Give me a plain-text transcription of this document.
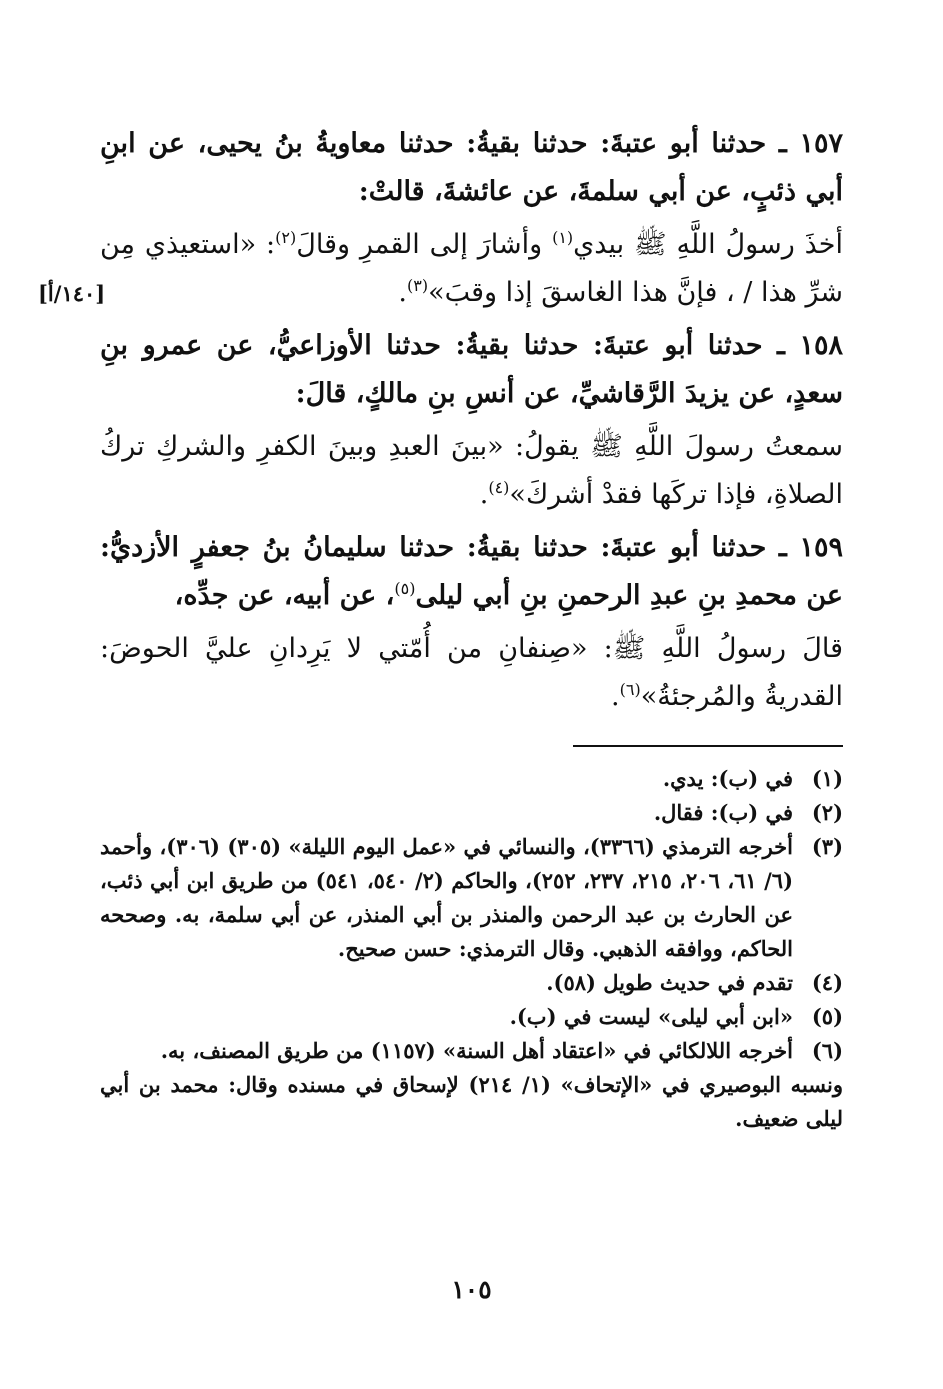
١٥٧ ـ حدثنا أبو عتبةَ: حدثنا بقيةُ: حدثنا معاويةُ بنُ يحيى، عن ابنِ أبي ذئبٍ، عن أبي سلمةَ، عن عائشةَ، قالتْ:

أخذَ رسولُ اللَّهِ ﷺ بيدي$^{(١)}$ وأشارَ إلى القمرِ وقالَ$^{(٢)}$: «استعيذي مِن شرِّ هذا / ، فإنَّ هذا الغاسقَ إذا وقبَ»$^{(٣)}$.

١٥٨ ـ حدثنا أبو عتبةَ: حدثنا بقيةُ: حدثنا الأوزاعيُّ، عن عمرو بنِ سعدٍ، عن يزيدَ الرَّقاشيِّ، عن أنسِ بنِ مالكٍ، قالَ:

سمعتُ رسولَ اللَّهِ ﷺ يقولُ: «بينَ العبدِ وبينَ الكفرِ والشركِ تركُ الصلاةِ، فإذا تركَها فقدْ أشركَ»$^{(٤)}$.

١٥٩ ـ حدثنا أبو عتبةَ: حدثنا بقيةُ: حدثنا سليمانُ بنُ جعفرٍ الأزديُّ: عن محمدِ بنِ عبدِ الرحمنِ بنِ أبي ليلى$^{(٥)}$، عن أبيه، عن جدِّه،

قالَ رسولُ اللَّهِ ﷺ: «صِنفانِ من أُمّتي لا يَرِدانِ عليَّ الحوضَ: القدريةُ والمُرجئةُ»$^{(٦)}$.

[١٤٠/أ]
(١)
في (ب): يدي.
(٢)
في (ب): فقال.
(٣)
أخرجه الترمذي (٣٣٦٦)، والنسائي في «عمل اليوم الليلة» (٣٠٥) (٣٠٦)، وأحمد (٦/ ٦١، ٢٠٦، ٢١٥، ٢٣٧، ٢٥٢)، والحاكم (٢/ ٥٤٠، ٥٤١) من طريق ابن أبي ذئب، عن الحارث بن عبد الرحمن والمنذر بن أبي المنذر، عن أبي سلمة، به. وصححه الحاكم، ووافقه الذهبي. وقال الترمذي: حسن صحيح.
(٤)
تقدم في حديث طويل (٥٨).
(٥)
«ابن أبي ليلى» ليست في (ب).
(٦)
أخرجه اللالكائي في «اعتقاد أهل السنة» (١١٥٧) من طريق المصنف، به.
ونسبه البوصيري في «الإتحاف» (١/ ٢١٤) لإسحاق في مسنده وقال: محمد بن أبي ليلى ضعيف.
١٠٥
